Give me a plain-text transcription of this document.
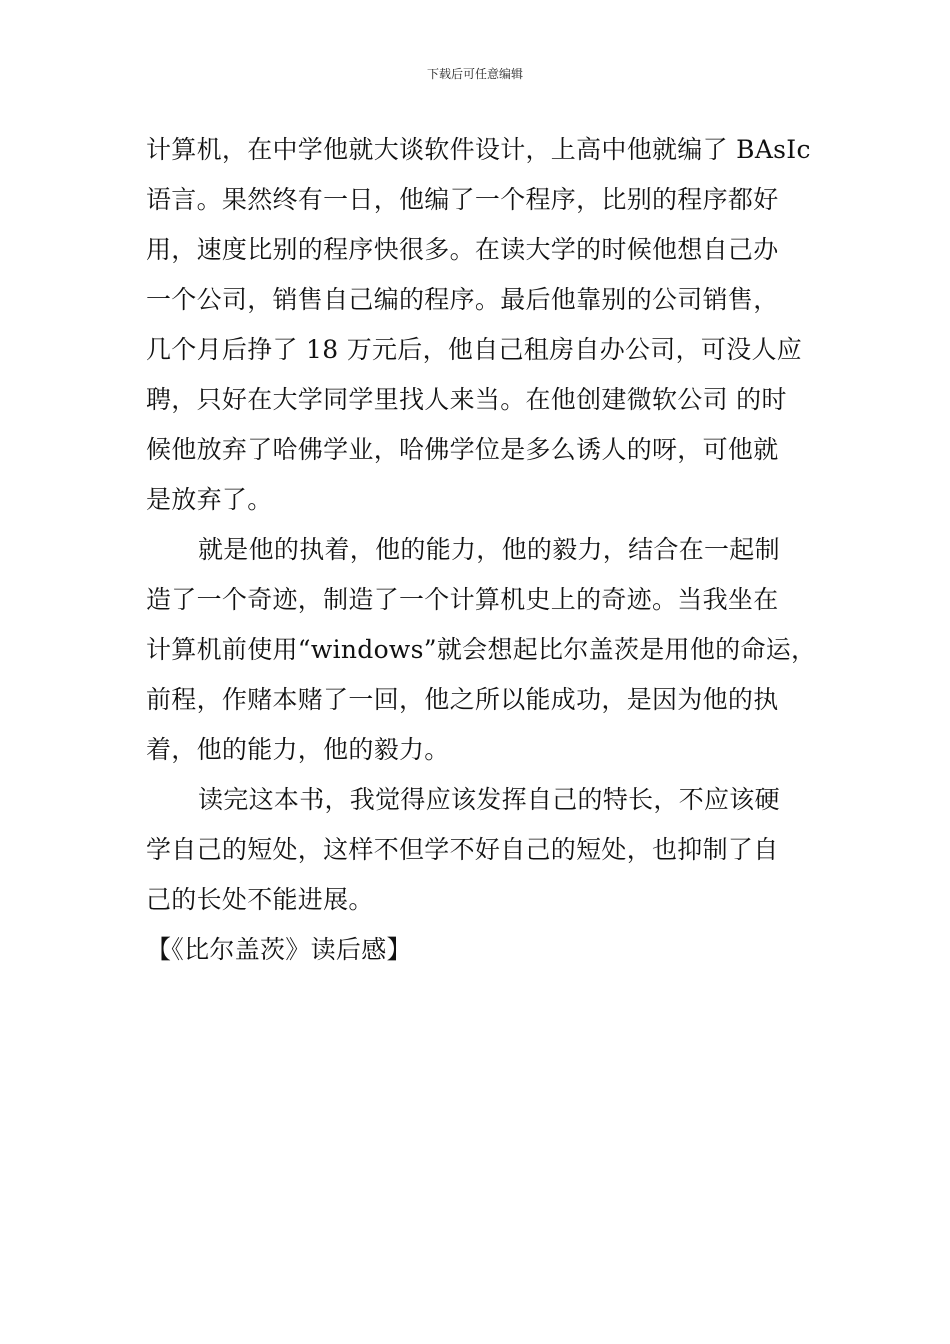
下载后可任意编辑
计算机，在中学他就大谈软件设计，上高中他就编了 BAsIc
语言。果然终有一日，他编了一个程序，比别的程序都好
用，速度比别的程序快很多。在读大学的时候他想自己办
一个公司，销售自己编的程序。最后他靠别的公司销售，
几个月后挣了 18 万元后，他自己租房自办公司，可没人应
聘，只好在大学同学里找人来当。在他创建微软公司 的时
候他放弃了哈佛学业，哈佛学位是多么诱人的呀，可他就
是放弃了。
就是他的执着，他的能力，他的毅力，结合在一起制
造了一个奇迹，制造了一个计算机史上的奇迹。当我坐在
计算机前使用“windows”就会想起比尔盖茨是用他的命运，
前程，作赌本赌了一回，他之所以能成功，是因为他的执
着，他的能力，他的毅力。
读完这本书，我觉得应该发挥自己的特长，不应该硬
学自己的短处，这样不但学不好自己的短处，也抑制了自
己的长处不能进展。
【《比尔盖茨》读后感】
